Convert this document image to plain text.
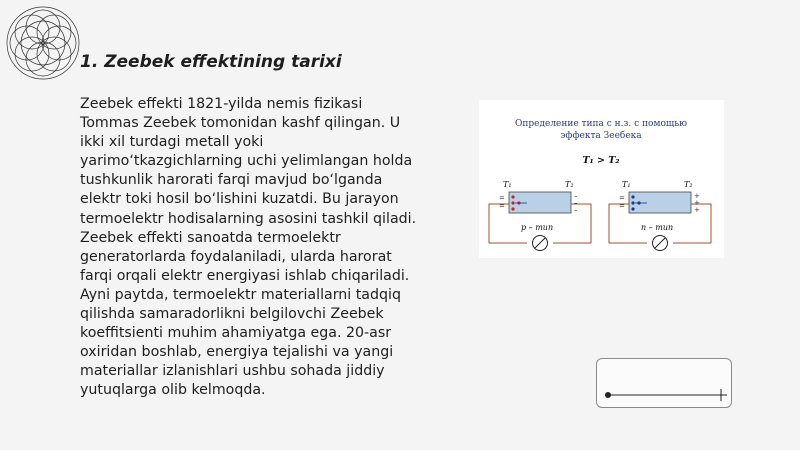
1. Zeebek effektining tarixi

Zeebek effekti 1821-yilda nemis fizikasi Tommas Zeebek tomonidan kashf qilingan. U ikki xil turdagi metall yoki yarimo‘tkazgichlarning uchi yelimlangan holda tushkunlik harorati farqi mavjud bo‘lganda elektr toki hosil bo‘lishini kuzatdi. Bu jarayon termoelektr hodisalarning asosini tashkil qiladi. Zeebek effekti sanoatda termoelektr generatorlarda foydalaniladi, ularda harorat farqi orqali elektr energiyasi ishlab chiqariladi. Ayni paytda, termoelektr materiallarni tadqiq qilishda samaradorlikni belgilovchi Zeebek koeffitsienti muhim ahamiyatga ega. 20-asr oxiridan boshlab, energiya tejalishi va yangi materiallar izlanishlari ushbu sohada jiddiy yutuqlarga olib kelmoqda.

Определение типа с н.з. с помощью
эффекта Зеебека
T₁ > T₂
T₁	T₂
=
=
–
–
–
p – тип
T₁	T₂
=
=
+
+
+
n – тип
